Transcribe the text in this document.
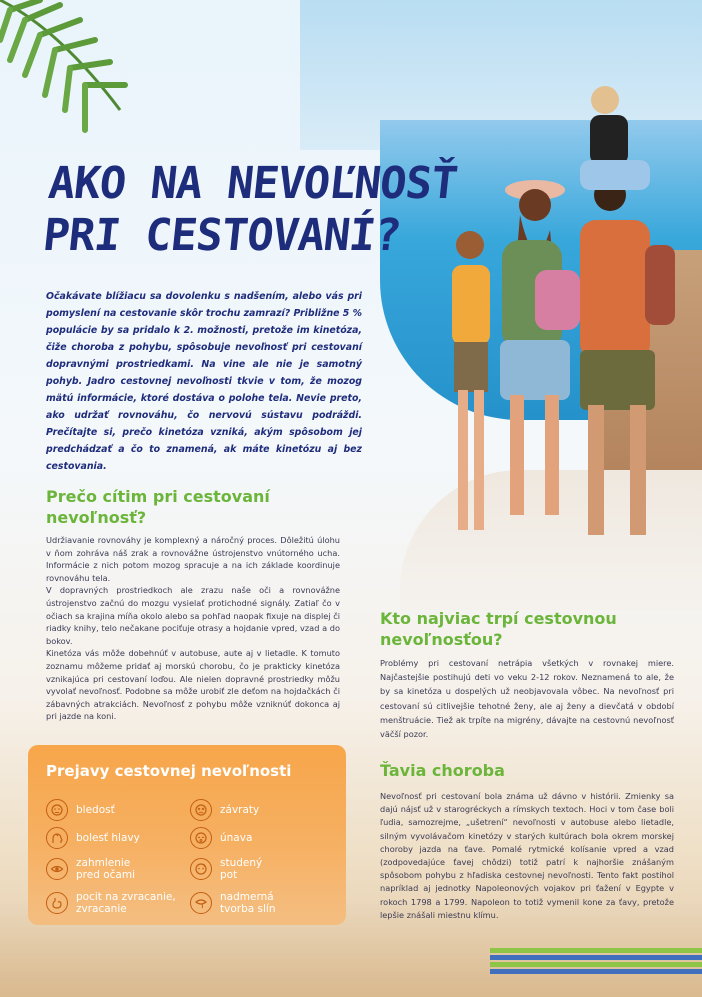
AKO NA NEVOĽNOSŤ
PRI CESTOVANÍ?

Očakávate blížiacu sa dovolenku s nadšením, alebo vás pri pomyslení na cestovanie skôr trochu zamrazí? Približne 5 % populácie by sa pridalo k 2. možnosti, pretože im kinetóza, čiže choroba z pohybu, spôsobuje nevoľnosť pri cestovaní dopravnými prostriedkami. Na vine ale nie je samotný pohyb. Jadro cestovnej nevoľnosti tkvie v tom, že mozog mätú informácie, ktoré dostáva o polohe tela. Nevie preto, ako udržať rovnováhu, čo nervovú sústavu podráždi. Prečítajte si, prečo kinetóza vzniká, akým spôsobom jej predchádzať a čo to znamená, ak máte kinetózu aj bez cestovania.

Prečo cítim pri cestovaní nevoľnosť?

Udržiavanie rovnováhy je komplexný a náročný proces. Dôležitú úlohu v ňom zohráva náš zrak a rovnovážne ústrojenstvo vnútorného ucha. Informácie z nich potom mozog spracuje a na ich základe koordinuje rovnováhu tela.

V dopravných prostriedkoch ale zrazu naše oči a rovnovážne ústrojenstvo začnú do mozgu vysielať protichodné signály. Zatiaľ čo v očiach sa krajina míňa okolo alebo sa pohľad naopak fixuje na displej či riadky knihy, telo nečakane pociťuje otrasy a hojdanie vpred, vzad a do bokov.

Kinetóza vás môže dobehnúť v autobuse, aute aj v lietadle. K tomuto zoznamu môžeme pridať aj morskú chorobu, čo je prakticky kinetóza vznikajúca pri cestovaní loďou. Ale nielen dopravné prostriedky môžu vyvolať nevoľnosť. Podobne sa môže urobiť zle deťom na hojdačkách či zábavných atrakciách. Nevoľnosť z pohybu môže vzniknúť dokonca aj pri jazde na koni.

Kto najviac trpí cestovnou nevoľnosťou?

Problémy pri cestovaní netrápia všetkých v rovnakej miere. Najčastejšie postihujú deti vo veku 2-12 rokov. Neznamená to ale, že by sa kinetóza u dospelých už neobjavovala vôbec. Na nevoľnosť pri cestovaní sú citlivejšie tehotné ženy, ale aj ženy a dievčatá v období menštruácie. Tiež ak trpíte na migrény, dávajte na cestovnú nevoľnosť väčší pozor.

Ťavia choroba

Nevoľnosť pri cestovaní bola známa už dávno v histórii. Zmienky sa dajú nájsť už v starogréckych a rímskych textoch. Hoci v tom čase boli ľudia, samozrejme, „ušetrení“ nevoľnosti v autobuse alebo lietadle, silným vyvolávačom kinetózy v starých kultúrach bola okrem morskej choroby jazda na ťave. Pomalé rytmické kolísanie vpred a vzad (zodpovedajúce ťavej chôdzi) totiž patrí k najhoršie znášaným spôsobom pohybu z hľadiska cestovnej nevoľnosti. Tento fakt postihol napríklad aj jednotky Napoleonových vojakov pri ťažení v Egypte v rokoch 1798 a 1799. Napoleon to totiž vymenil kone za ťavy, pretože lepšie znášali miestnu klímu.

Prejavy cestovnej nevoľnosti
bledosť	závraty
bolesť hlavy	únava
zahmlenie
pred očami
studený
pot
pocit na zvracanie,
zvracanie
nadmerná
tvorba slín
